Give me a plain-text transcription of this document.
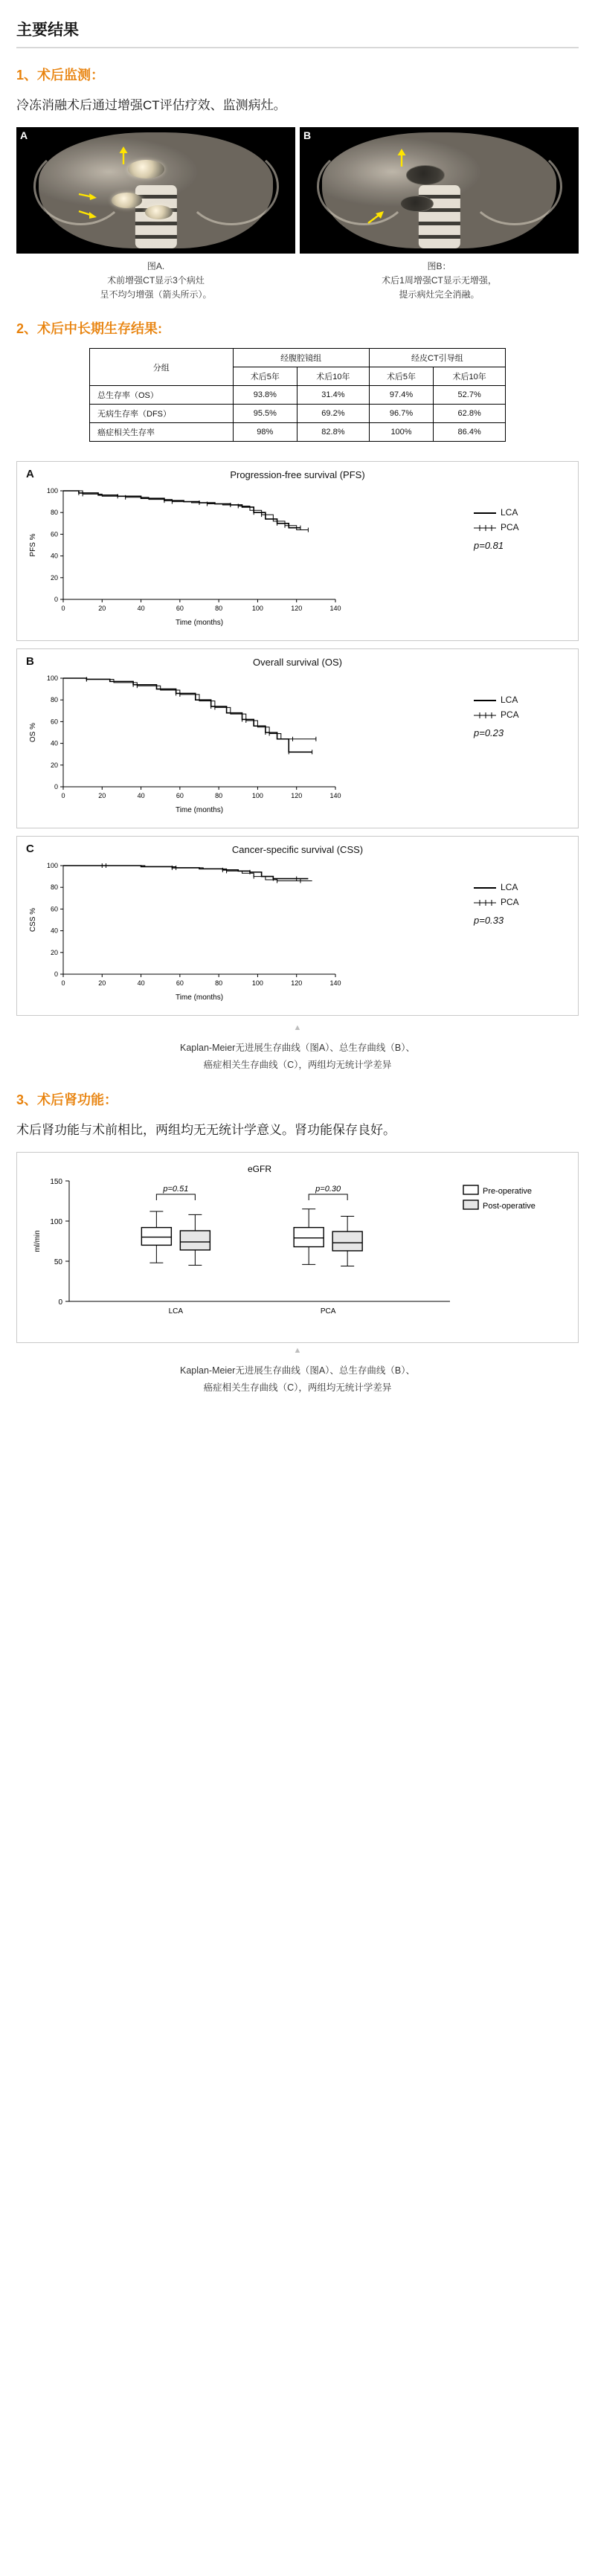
主要结果
1、术后监测：

冷冻消融术后通过增强CT评估疗效、监测病灶。

A	B
图A.
术前增强CT显示3个病灶
呈不均匀增强（箭头所示）。
图B：
术后1周增强CT显示无增强，
提示病灶完全消融。
2、术后中长期生存结果:
分组	经腹腔镜组		经皮CT引导组	
	术后5年	术后10年	术后5年	术后10年
总生存率（OS）	93.8%	31.4%	97.4%	52.7%
无病生存率（DFS）	95.5%	69.2%	96.7%	62.8%
癌症相关生存率	98%	82.8%	100%	86.4%
A	Progression-free survival (PFS)
0	20	40	60	80	100	120	140
0
20
40
60
80
100
Time (months)
PFS %
LCA
PCA
p=0.81
B	Overall survival (OS)
0	20	40	60	80	100	120	140
0
20
40
60
80
100
Time (months)
OS %
LCA
PCA
p=0.23
C	Cancer-specific survival (CSS)
0	20	40	60	80	100	120	140
0
20
40
60
80
100
Time (months)
CSS %
LCA
PCA
p=0.33
▲
Kaplan-Meier无进展生存曲线（图A）、总生存曲线（B）、
癌症相关生存曲线（C），两组均无统计学差异
3、术后肾功能：

术后肾功能与术前相比，两组均无无统计学意义。肾功能保存良好。

eGFR
0
50
100
150
ml/min
LCA	PCA
p=0.51	p=0.30	Pre-operative
Post-operative
▲
Kaplan-Meier无进展生存曲线（图A）、总生存曲线（B）、
癌症相关生存曲线（C），两组均无统计学差异
